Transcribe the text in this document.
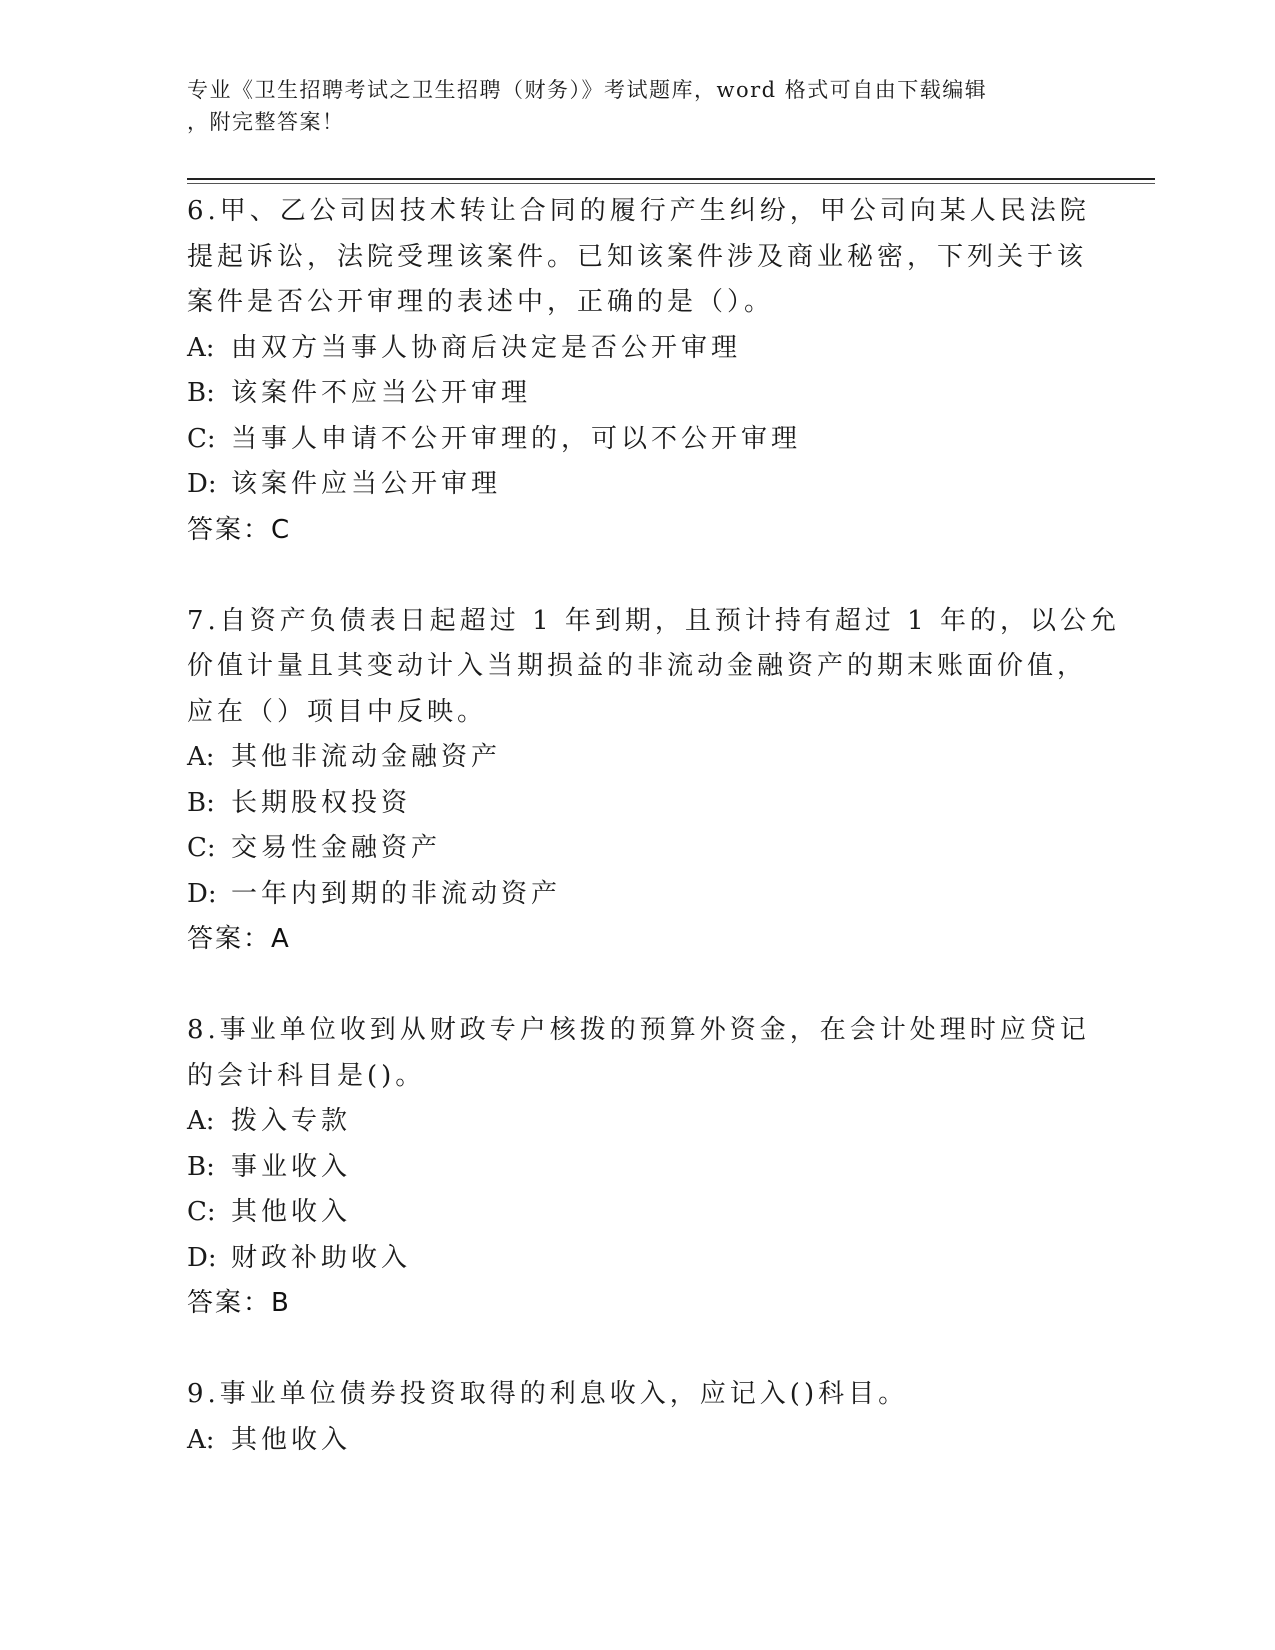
专业《卫生招聘考试之卫生招聘（财务）》考试题库，word 格式可自由下载编辑
，附完整答案！
6.甲、乙公司因技术转让合同的履行产生纠纷，甲公司向某人民法院
提起诉讼，法院受理该案件。已知该案件涉及商业秘密，下列关于该
案件是否公开审理的表述中，正确的是（）。
A: 由双方当事人协商后决定是否公开审理
B: 该案件不应当公开审理
C: 当事人申请不公开审理的，可以不公开审理
D: 该案件应当公开审理
答案：C
7.自资产负债表日起超过 1 年到期，且预计持有超过 1 年的，以公允
价值计量且其变动计入当期损益的非流动金融资产的期末账面价值，
应在（）项目中反映。
A: 其他非流动金融资产
B: 长期股权投资
C: 交易性金融资产
D: 一年内到期的非流动资产
答案：A
8.事业单位收到从财政专户核拨的预算外资金，在会计处理时应贷记
的会计科目是()。
A: 拨入专款
B: 事业收入
C: 其他收入
D: 财政补助收入
答案：B
9.事业单位债券投资取得的利息收入，应记入()科目。
A: 其他收入
